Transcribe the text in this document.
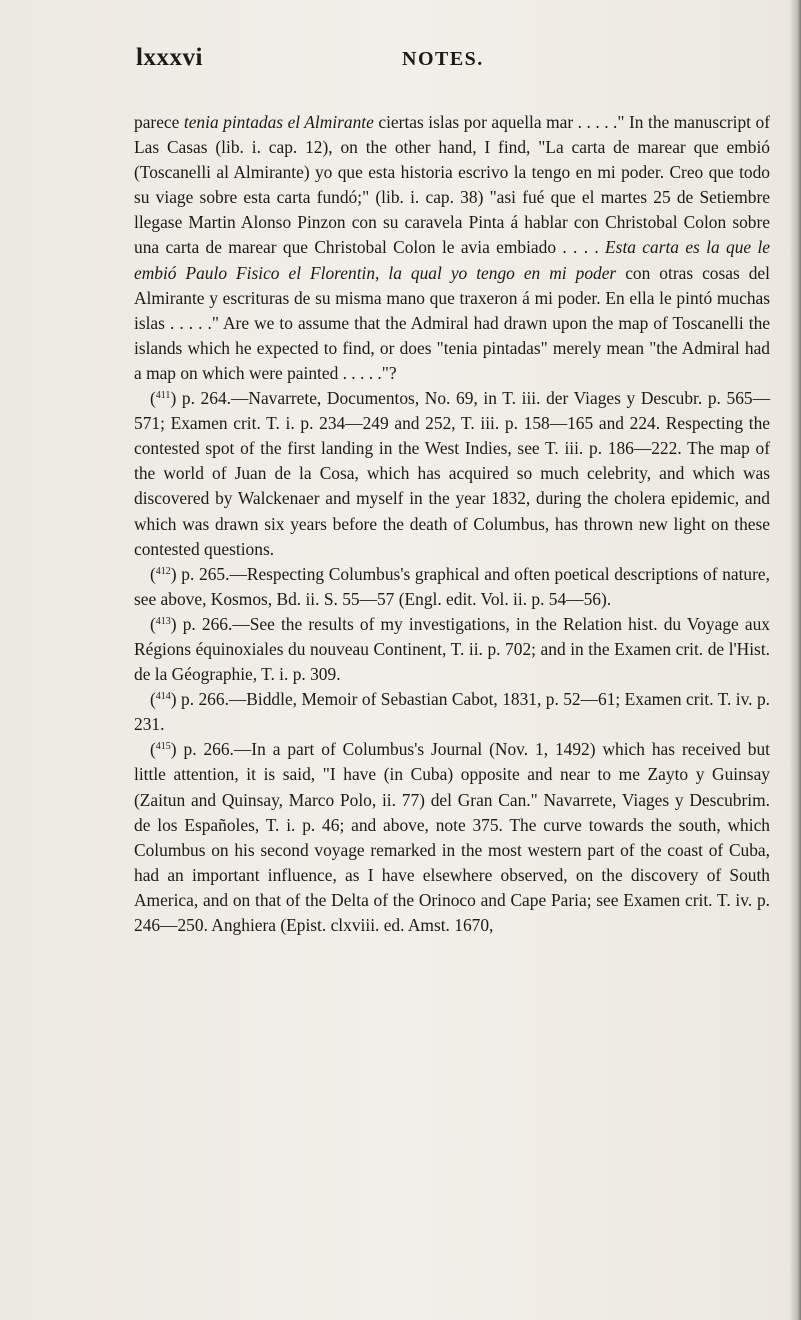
lxxxvi	NOTES.

parece tenia pintadas el Almirante ciertas islas por aquella mar . . . . ." In the manuscript of Las Casas (lib. i. cap. 12), on the other hand, I find, "La carta de marear que embió (Toscanelli al Almirante) yo que esta historia escrivo la tengo en mi poder. Creo que todo su viage sobre esta carta fundó;" (lib. i. cap. 38) "asi fué que el martes 25 de Setiembre llegase Martin Alonso Pinzon con su caravela Pinta á hablar con Christobal Colon sobre una carta de marear que Christobal Colon le avia embiado . . . . Esta carta es la que le embió Paulo Fisico el Florentin, la qual yo tengo en mi poder con otras cosas del Almirante y escrituras de su misma mano que traxeron á mi poder. En ella le pintó muchas islas . . . . ." Are we to assume that the Admiral had drawn upon the map of Toscanelli the islands which he expected to find, or does "tenia pintadas" merely mean "the Admiral had a map on which were painted . . . . ."?

($^{411}$) p. 264.—Navarrete, Documentos, No. 69, in T. iii. der Viages y Descubr. p. 565—571; Examen crit. T. i. p. 234—249 and 252, T. iii. p. 158—165 and 224. Respecting the contested spot of the first landing in the West Indies, see T. iii. p. 186—222. The map of the world of Juan de la Cosa, which has acquired so much celebrity, and which was discovered by Walckenaer and myself in the year 1832, during the cholera epidemic, and which was drawn six years before the death of Columbus, has thrown new light on these contested questions.

($^{412}$) p. 265.—Respecting Columbus's graphical and often poetical descriptions of nature, see above, Kosmos, Bd. ii. S. 55—57 (Engl. edit. Vol. ii. p. 54—56).

($^{413}$) p. 266.—See the results of my investigations, in the Relation hist. du Voyage aux Régions équinoxiales du nouveau Continent, T. ii. p. 702; and in the Examen crit. de l'Hist. de la Géographie, T. i. p. 309.

($^{414}$) p. 266.—Biddle, Memoir of Sebastian Cabot, 1831, p. 52—61; Examen crit. T. iv. p. 231.

($^{415}$) p. 266.—In a part of Columbus's Journal (Nov. 1, 1492) which has received but little attention, it is said, "I have (in Cuba) opposite and near to me Zayto y Guinsay (Zaitun and Quinsay, Marco Polo, ii. 77) del Gran Can." Navarrete, Viages y Descubrim. de los Españoles, T. i. p. 46; and above, note 375. The curve towards the south, which Columbus on his second voyage remarked in the most western part of the coast of Cuba, had an important influence, as I have elsewhere observed, on the discovery of South America, and on that of the Delta of the Orinoco and Cape Paria; see Examen crit. T. iv. p. 246—250. Anghiera (Epist. clxviii. ed. Amst. 1670,
